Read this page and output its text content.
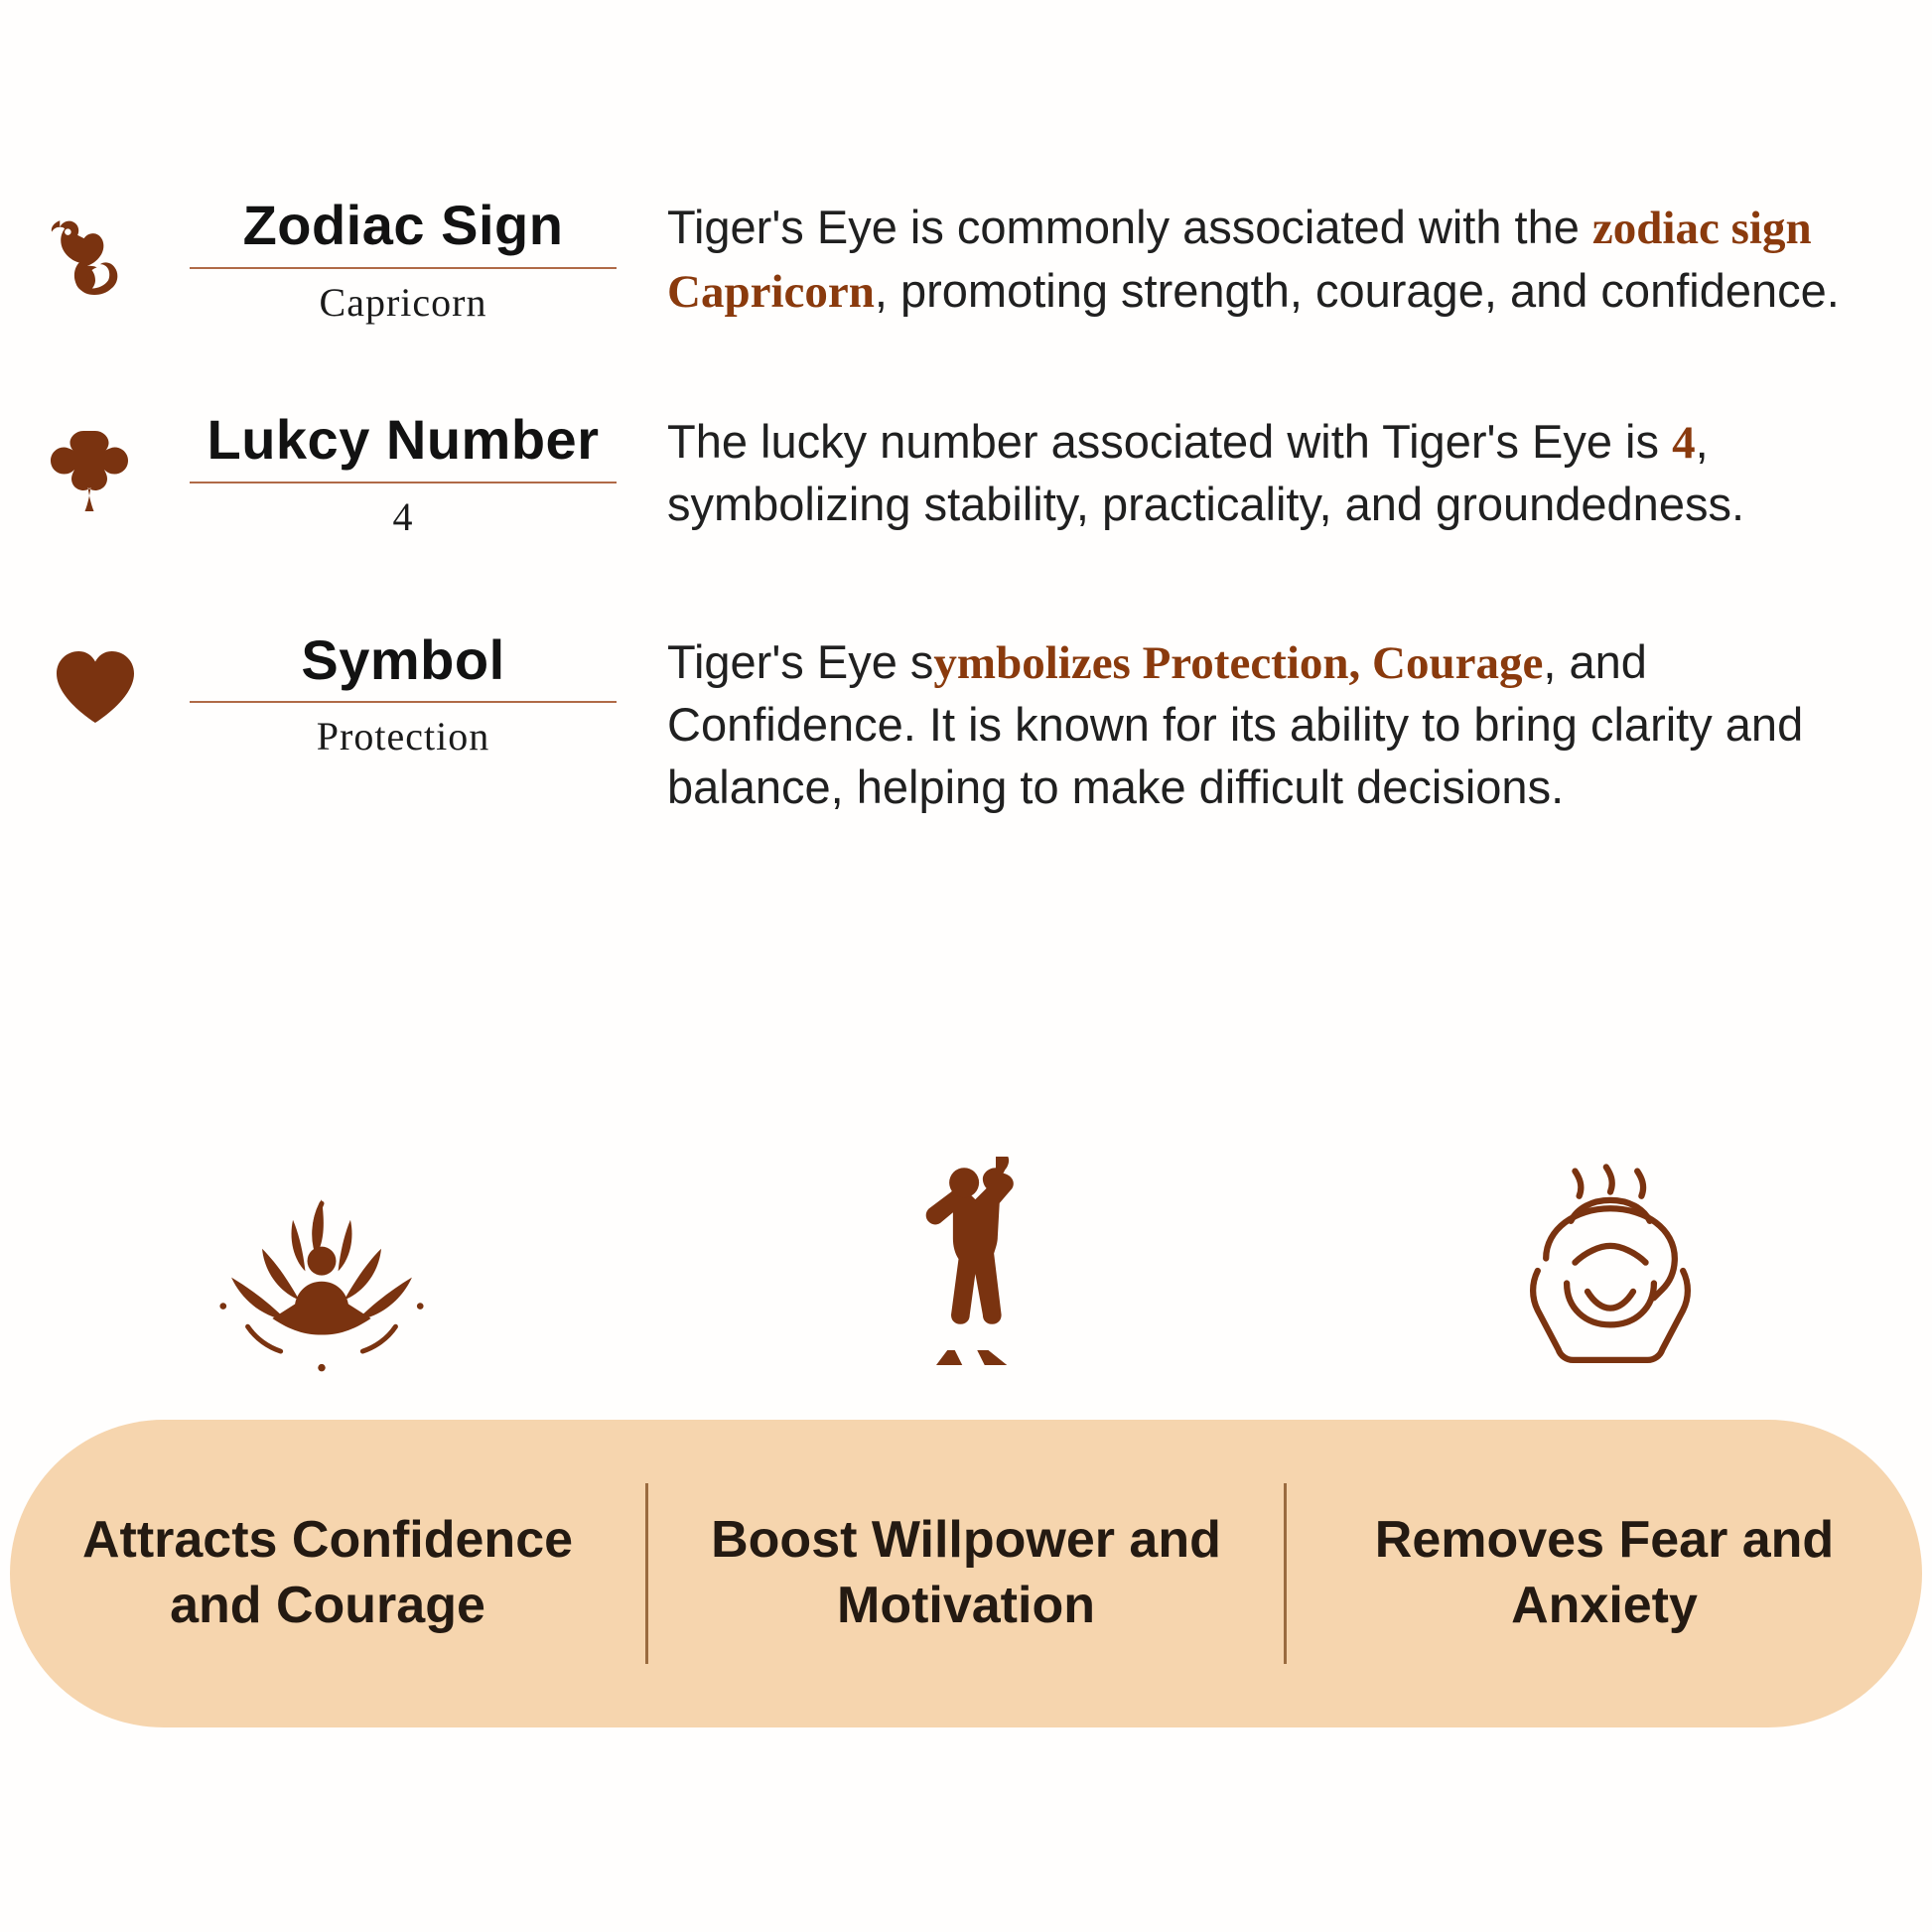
Zodiac Sign
Capricorn
Tiger's Eye is commonly associated with the zodiac sign Capricorn, promoting strength, courage, and confidence.
Lukcy Number
4
The lucky number associated with Tiger's Eye is 4, symbolizing stability, practicality, and groundedness.
Symbol
Protection
Tiger's Eye symbolizes Protection, Courage, and Confidence. It is known for its ability to bring clarity and balance, helping to make difficult decisions.
Attracts Confidence and Courage
Boost Willpower and Motivation
Removes Fear and Anxiety
